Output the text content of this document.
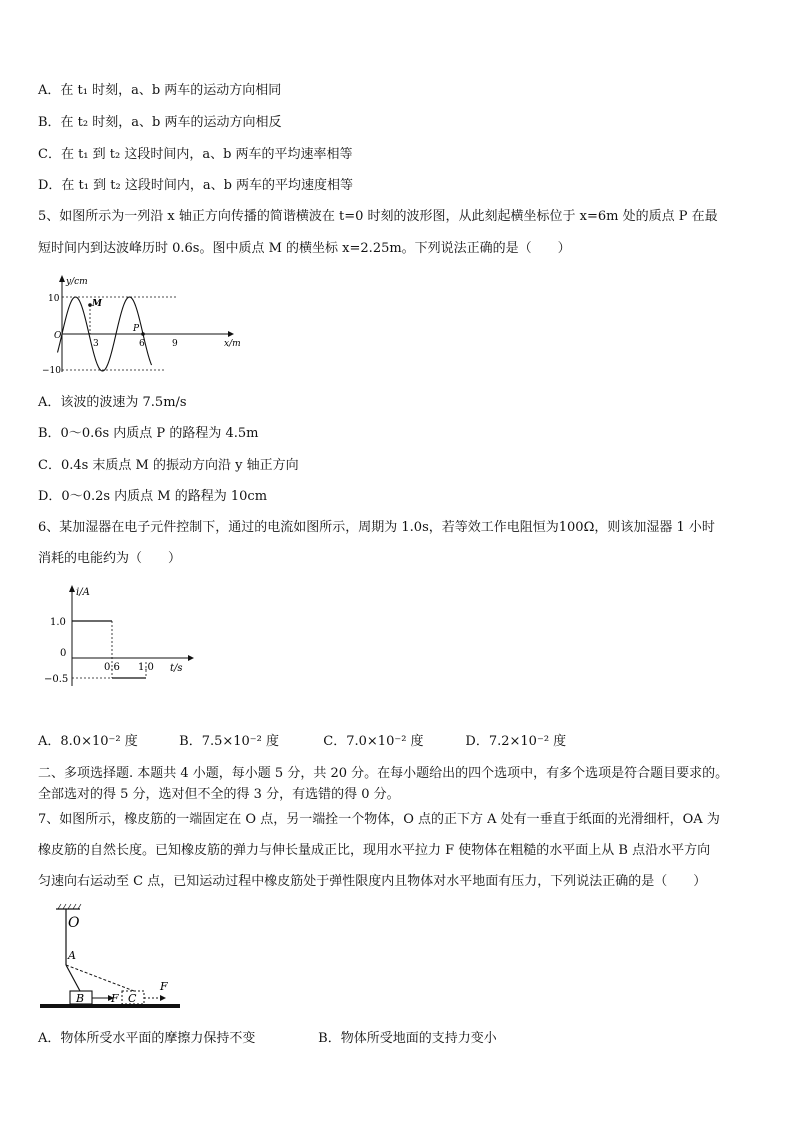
A．在 t₁ 时刻，a、b 两车的运动方向相同
B．在 t₂ 时刻，a、b 两车的运动方向相反
C．在 t₁ 到 t₂ 这段时间内，a、b 两车的平均速率相等
D．在 t₁ 到 t₂ 这段时间内，a、b 两车的平均速度相等
5、如图所示为一列沿 x 轴正方向传播的简谐横波在 t=0 时刻的波形图，从此刻起横坐标位于 x=6m 处的质点 P 在最
短时间内到达波峰历时 0.6s。图中质点 M 的横坐标 x=2.25m。下列说法正确的是（　　）
y/cm
x/m
10
−10
O
3	6	9
M
P
A．该波的波速为 7.5m/s
B．0～0.6s 内质点 P 的路程为 4.5m
C．0.4s 末质点 M 的振动方向沿 y 轴正方向
D．0～0.2s 内质点 M 的路程为 10cm
6、某加湿器在电子元件控制下，通过的电流如图所示，周期为 1.0s，若等效工作电阻恒为100Ω，则该加湿器 1 小时
消耗的电能约为（　　）
i/A
t/s
1.0
0
−0.5
0.6 1.0
A．8.0×10⁻² 度	B．7.5×10⁻² 度	C．7.0×10⁻² 度	D．7.2×10⁻² 度
二、多项选择题. 本题共 4 小题，每小题 5 分，共 20 分。在每小题给出的四个选项中，有多个选项是符合题目要求的。
全部选对的得 5 分，选对但不全的得 3 分，有选错的得 0 分。
7、如图所示，橡皮筋的一端固定在 O 点，另一端拴一个物体，O 点的正下方 A 处有一垂直于纸面的光滑细杆，OA 为
橡皮筋的自然长度。已知橡皮筋的弹力与伸长量成正比，现用水平拉力 F 使物体在粗糙的水平面上从 B 点沿水平方向
匀速向右运动至 C 点，已知运动过程中橡皮筋处于弹性限度内且物体对水平地面有压力，下列说法正确的是（　　）
O
A
B	C
F
F
A．物体所受水平面的摩擦力保持不变	B．物体所受地面的支持力变小
